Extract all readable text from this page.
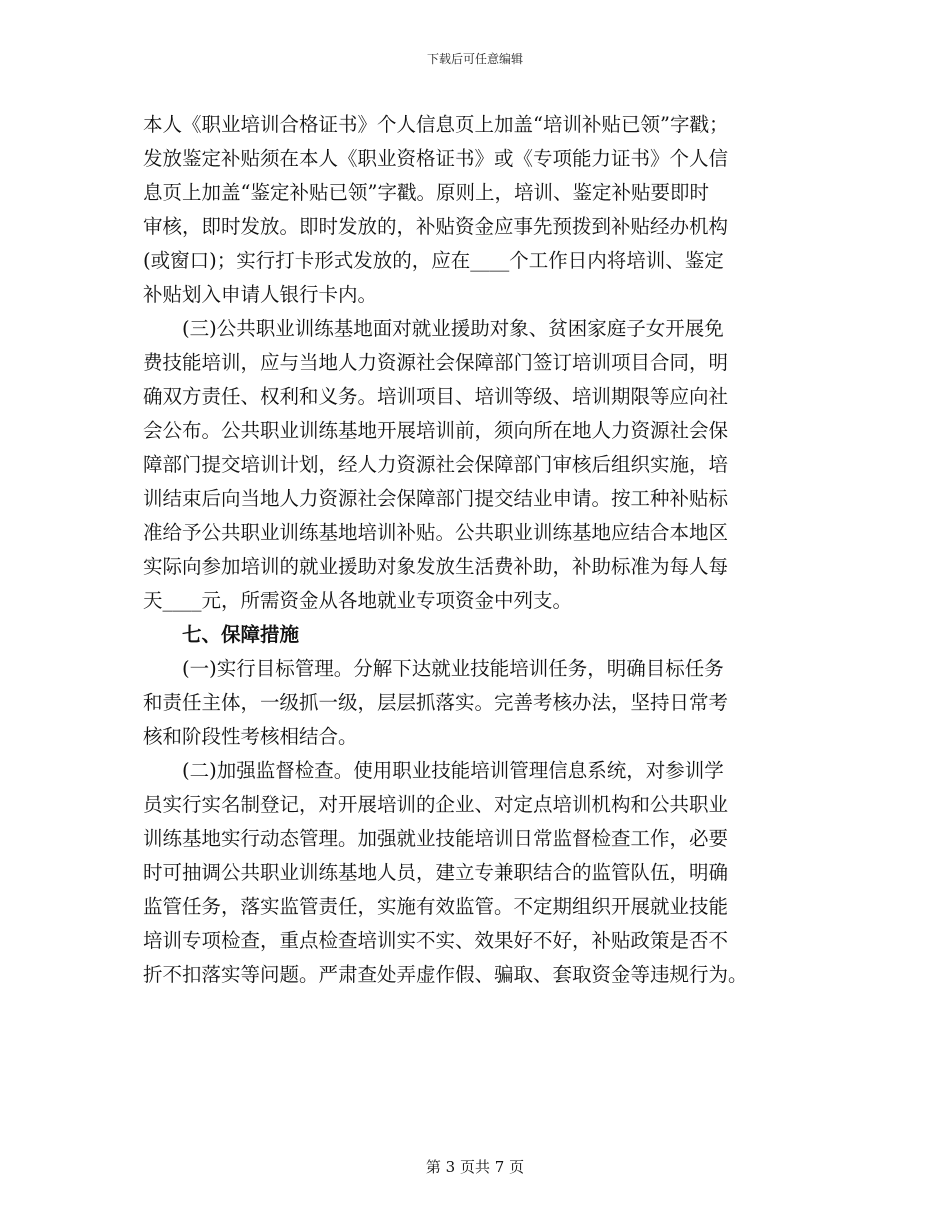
下载后可任意编辑
本人《职业培训合格证书》个人信息页上加盖“培训补贴已领”字戳；
发放鉴定补贴须在本人《职业资格证书》或《专项能力证书》个人信
息页上加盖“鉴定补贴已领”字戳。原则上，培训、鉴定补贴要即时
审核，即时发放。即时发放的，补贴资金应事先预拨到补贴经办机构
(或窗口)；实行打卡形式发放的，应在____个工作日内将培训、鉴定
补贴划入申请人银行卡内。
(三)公共职业训练基地面对就业援助对象、贫困家庭子女开展免
费技能培训，应与当地人力资源社会保障部门签订培训项目合同，明
确双方责任、权利和义务。培训项目、培训等级、培训期限等应向社
会公布。公共职业训练基地开展培训前，须向所在地人力资源社会保
障部门提交培训计划，经人力资源社会保障部门审核后组织实施，培
训结束后向当地人力资源社会保障部门提交结业申请。按工种补贴标
准给予公共职业训练基地培训补贴。公共职业训练基地应结合本地区
实际向参加培训的就业援助对象发放生活费补助，补助标准为每人每
天____元，所需资金从各地就业专项资金中列支。
七、保障措施
(一)实行目标管理。分解下达就业技能培训任务，明确目标任务
和责任主体，一级抓一级，层层抓落实。完善考核办法，坚持日常考
核和阶段性考核相结合。
(二)加强监督检查。使用职业技能培训管理信息系统，对参训学
员实行实名制登记，对开展培训的企业、对定点培训机构和公共职业
训练基地实行动态管理。加强就业技能培训日常监督检查工作，必要
时可抽调公共职业训练基地人员，建立专兼职结合的监管队伍，明确
监管任务，落实监管责任，实施有效监管。不定期组织开展就业技能
培训专项检查，重点检查培训实不实、效果好不好，补贴政策是否不
折不扣落实等问题。严肃查处弄虚作假、骗取、套取资金等违规行为。
第 3 页共 7 页
